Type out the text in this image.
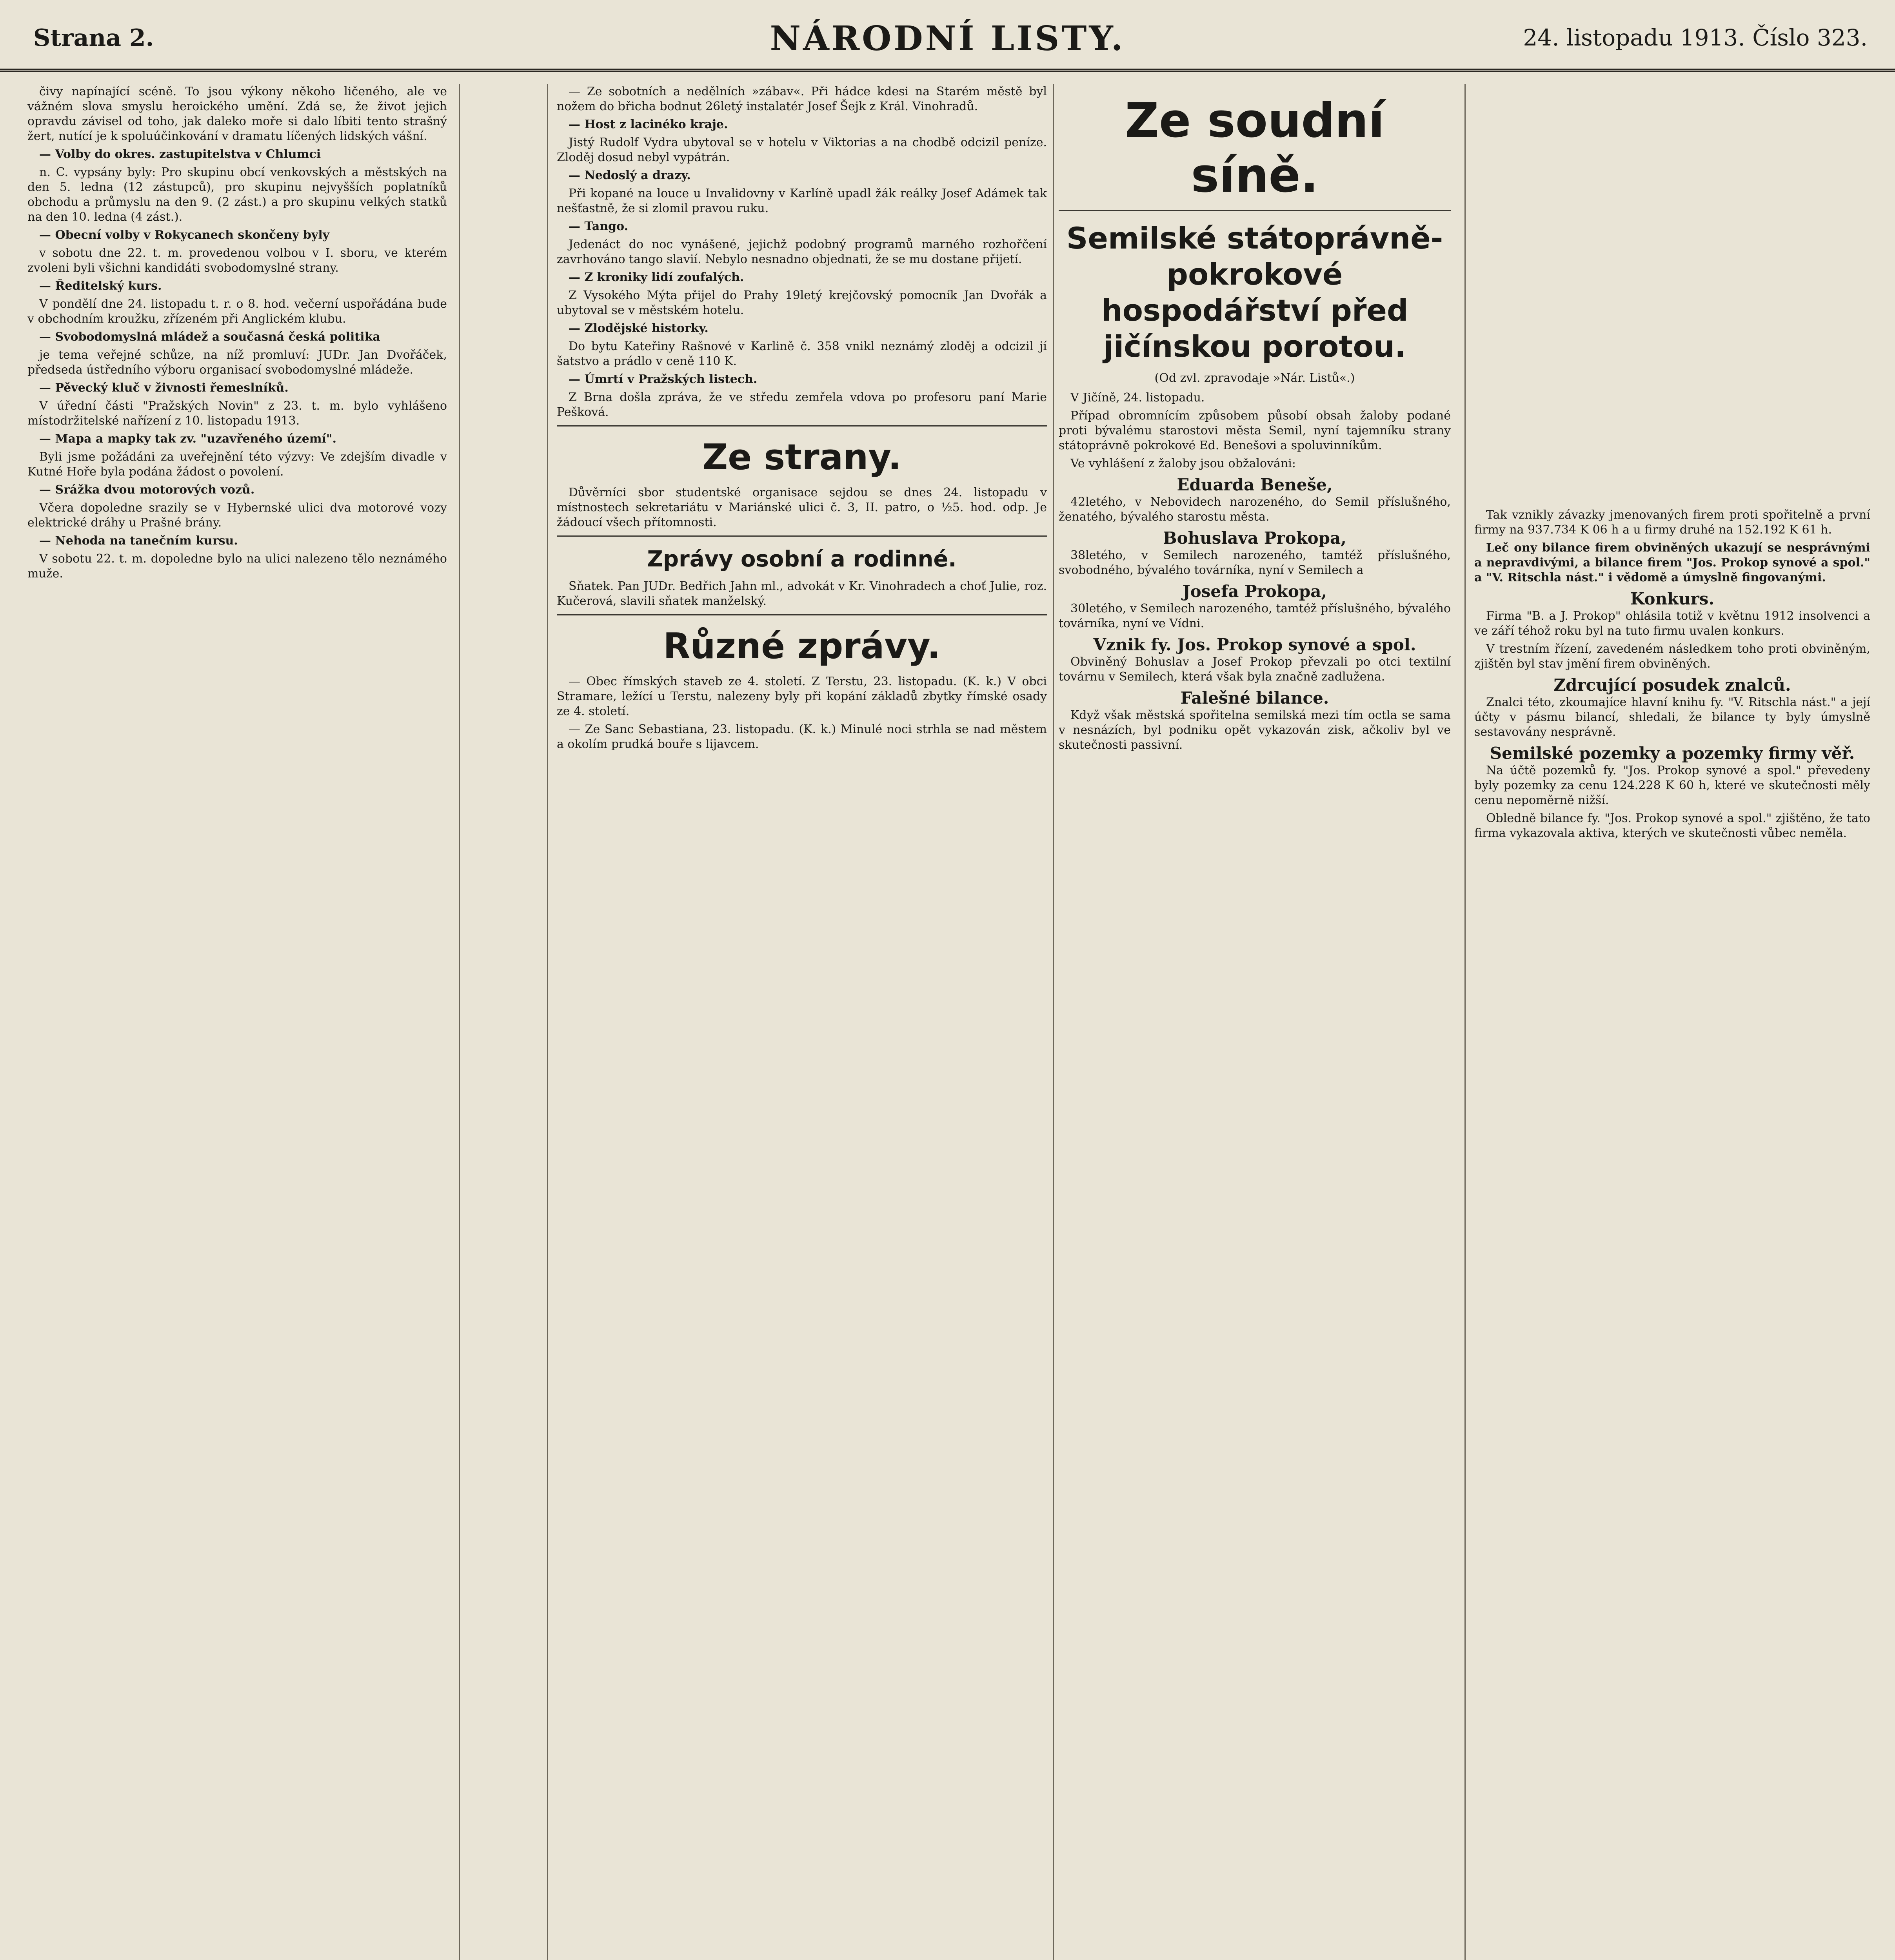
Strana 2.	NÁRODNÍ LISTY.	24. listopadu 1913. Číslo 323.

čivy napínající scéně. To jsou výkony někoho ličeného, ale ve vážném slova smyslu heroického umění. Zdá se, že život jejich opravdu závisel od toho, jak daleko moře si dalo líbiti tento strašný žert, nutící je k spoluúčinkování v dramatu líčených lidských vášní.

— Volby do okres. zastupitelstva v Chlumci

n. C. vypsány byly: Pro skupinu obcí venkovských a městských na den 5. ledna (12 zástupců), pro skupinu nejvyšších poplatníků obchodu a průmyslu na den 9. (2 zást.) a pro skupinu velkých statků na den 10. ledna (4 zást.).

— Obecní volby v Rokycanech skončeny byly

v sobotu dne 22. t. m. provedenou volbou v I. sboru, ve kterém zvoleni byli všichni kandidáti svobodomyslné strany.

— Ředitelský kurs.

V pondělí dne 24. listopadu t. r. o 8. hod. večerní uspořádána bude v obchodním kroužku, zřízeném při Anglickém klubu.

— Svobodomyslná mládež a současná česká politika

je tema veřejné schůze, na níž promluví: JUDr. Jan Dvořáček, předseda ústředního výboru organisací svobodomyslné mládeže.

— Pěvecký kluč v živnosti řemeslníků.

V úřední části "Pražských Novin" z 23. t. m. bylo vyhlášeno místodržitelské nařízení z 10. listopadu 1913.

— Mapa a mapky tak zv. "uzavřeného území".

Byli jsme požádáni za uveřejnění této výzvy: Ve zdejším divadle v Kutné Hoře byla podána žádost o povolení.

— Srážka dvou motorových vozů.

Včera dopoledne srazily se v Hybernské ulici dva motorové vozy elektrické dráhy u Prašné brány.

— Nehoda na tanečním kursu.

V sobotu 22. t. m. dopoledne bylo na ulici nalezeno tělo neznámého muže.

— Ze sobotních a nedělních »zábav«. Při hádce kdesi na Starém městě byl nožem do břicha bodnut 26letý instalatér Josef Šejk z Král. Vinohradů.

— Host z lacinéko kraje.

Jistý Rudolf Vydra ubytoval se v hotelu v Viktorias a na chodbě odcizil peníze. Zloděj dosud nebyl vypátrán.

— Nedoslý a drazy.

Při kopané na louce u Invalidovny v Karlíně upadl žák reálky Josef Adámek tak nešťastně, že si zlomil pravou ruku.

— Tango.

Jedenáct do noc vynášené, jejichž podobný programů marného rozhořčení zavrhováno tango slavií. Nebylo nesnadno objednati, že se mu dostane přijetí.

— Z kroniky lidí zoufalých.

Z Vysokého Mýta přijel do Prahy 19letý krejčovský pomocník Jan Dvořák a ubytoval se v městském hotelu.

— Zlodějské historky.

Do bytu Kateřiny Rašnové v Karlině č. 358 vnikl neznámý zloděj a odcizil jí šatstvo a prádlo v ceně 110 K.

— Úmrtí v Pražských listech.

Z Brna došla zpráva, že ve středu zemřela vdova po profesoru paní Marie Pešková.

Ze strany.

Důvěrníci sbor studentské organisace sejdou se dnes 24. listopadu v místnostech sekretariátu v Mariánské ulici č. 3, II. patro, o ½5. hod. odp. Je žádoucí všech přítomnosti.

Zprávy osobní a rodinné.

Sňatek. Pan JUDr. Bedřich Jahn ml., advokát v Kr. Vinohradech a choť Julie, roz. Kučerová, slavili sňatek manželský.

Různé zprávy.

— Obec římských staveb ze 4. století. Z Terstu, 23. listopadu. (K. k.) V obci Stramare, ležící u Terstu, nalezeny byly při kopání základů zbytky římské osady ze 4. století.

— Ze Sanc Sebastiana, 23. listopadu. (K. k.) Minulé noci strhla se nad městem a okolím prudká bouře s lijavcem.

Ze soudní síně.
Semilské státoprávně-pokrokové hospodářství před jičínskou porotou.
(Od zvl. zpravodaje »Nár. Listů«.)

V Jičíně, 24. listopadu.

Případ obromnícím způsobem působí obsah žaloby podané proti bývalému starostovi města Semil, nyní tajemníku strany státoprávně pokrokové Ed. Benešovi a spoluvinníkům.

Ve vyhlášení z žaloby jsou obžalováni:

Eduarda Beneše,

42letého, v Nebovidech narozeného, do Semil příslušného, ženatého, bývalého starostu města.

Bohuslava Prokopa,

38letého, v Semilech narozeného, tamtéž příslušného, svobodného, bývalého továrníka, nyní v Semilech a

Josefa Prokopa,

30letého, v Semilech narozeného, tamtéž příslušného, bývalého továrníka, nyní ve Vídni.

Vznik fy. Jos. Prokop synové a spol.

Obviněný Bohuslav a Josef Prokop převzali po otci textilní továrnu v Semilech, která však byla značně zadlužena.

Falešné bilance.

Když však městská spořitelna semilská mezi tím octla se sama v nesnázích, byl podniku opět vykazován zisk, ačkoliv byl ve skutečnosti passivní.

Tak vznikly závazky jmenovaných firem proti spořitelně a první firmy na 937.734 K 06 h a u firmy druhé na 152.192 K 61 h.

Leč ony bilance firem obviněných ukazují se nesprávnými a nepravdivými, a bilance firem "Jos. Prokop synové a spol." a "V. Ritschla nást." i vědomě a úmyslně fingovanými.

Konkurs.

Firma "B. a J. Prokop" ohlásila totiž v květnu 1912 insolvenci a ve září téhož roku byl na tuto firmu uvalen konkurs.

V trestním řízení, zavedeném následkem toho proti obviněným, zjištěn byl stav jmění firem obviněných.

Zdrcující posudek znalců.

Znalci této, zkoumajíce hlavní knihu fy. "V. Ritschla nást." a její účty v pásmu bilancí, shledali, že bilance ty byly úmyslně sestavovány nesprávně.

Semilské pozemky a pozemky firmy věř.

Na účtě pozemků fy. "Jos. Prokop synové a spol." převedeny byly pozemky za cenu 124.228 K 60 h, které ve skutečnosti měly cenu nepoměrně nižší.

Obledně bilance fy. "Jos. Prokop synové a spol." zjištěno, že tato firma vykazovala aktiva, kterých ve skutečnosti vůbec neměla.
